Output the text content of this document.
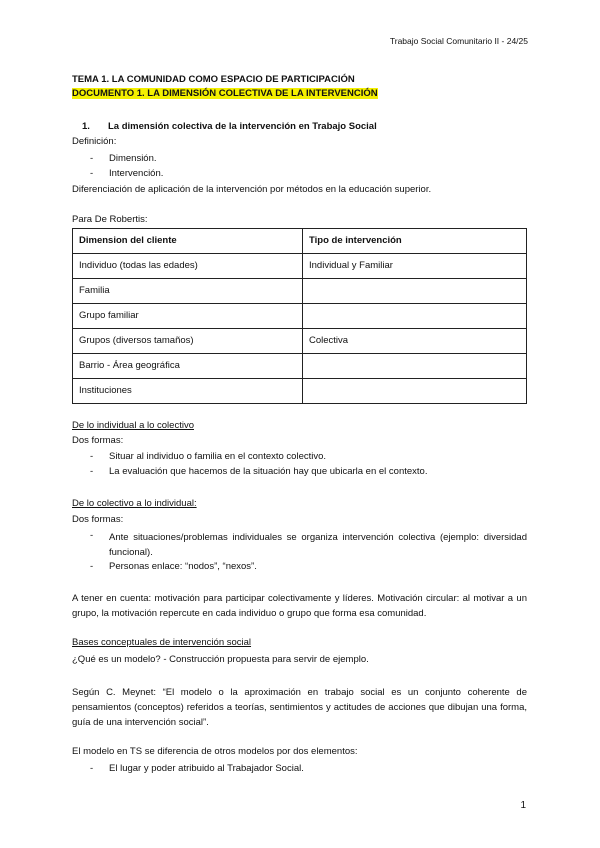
Trabajo Social Comunitario II - 24/25
TEMA 1. LA COMUNIDAD COMO ESPACIO DE PARTICIPACIÓN
DOCUMENTO 1. LA DIMENSIÓN COLECTIVA DE LA INTERVENCIÓN
1. La dimensión colectiva de la intervención en Trabajo Social
Definición:
- Dimensión.
- Intervención.
Diferenciación de aplicación de la intervención por métodos en la educación superior.
Para De Robertis:
Dimension del cliente	Tipo de intervención
Individuo (todas las edades)	Individual y Familiar
Familia	
Grupo familiar	
Grupos (diversos tamaños)	Colectiva
Barrio - Área geográfica	
Instituciones	
De lo individual a lo colectivo
Dos formas:
- Situar al individuo o familia en el contexto colectivo.
- La evaluación que hacemos de la situación hay que ubicarla en el contexto.
De lo colectivo a lo individual:
Dos formas:
- Ante situaciones/problemas individuales se organiza intervención colectiva (ejemplo: diversidad funcional).
- Personas enlace: “nodos”, “nexos”.
A tener en cuenta: motivación para participar colectivamente y líderes. Motivación circular: al motivar a un grupo, la motivación repercute en cada individuo o grupo que forma esa comunidad.
Bases conceptuales de intervención social
¿Qué es un modelo? - Construcción propuesta para servir de ejemplo.
Según C. Meynet: “El modelo o la aproximación en trabajo social es un conjunto coherente de pensamientos (conceptos) referidos a teorías, sentimientos y actitudes de acciones que dibujan una forma, guía de una intervención social”.
El modelo en TS se diferencia de otros modelos por dos elementos:
- El lugar y poder atribuido al Trabajador Social.
1
